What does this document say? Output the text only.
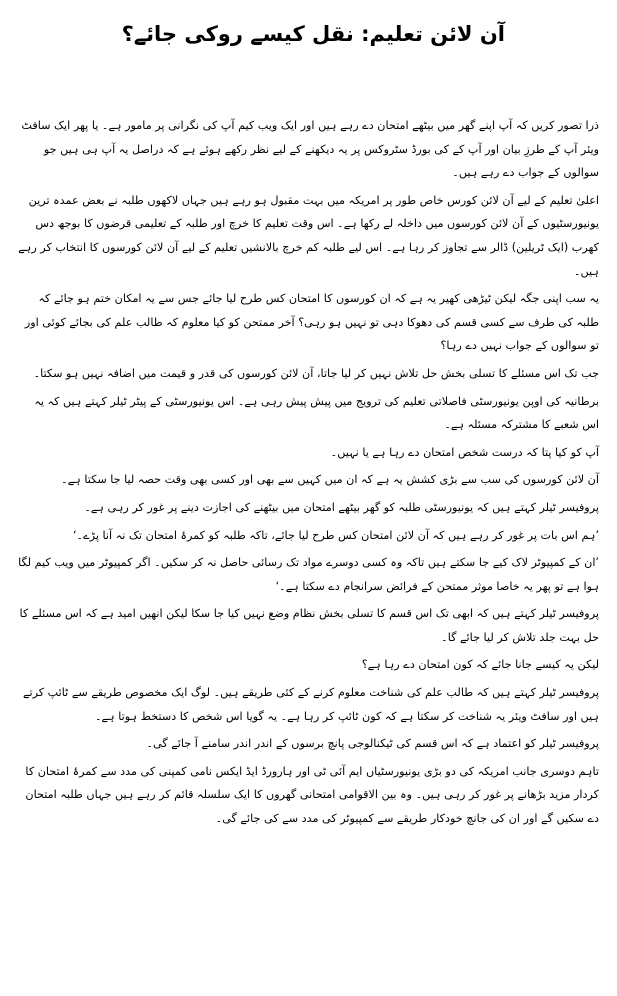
آن لائن تعلیم: نقل کیسے روکی جائے؟

ذرا تصور کریں کہ آپ اپنے گھر میں بیٹھے امتحان دے رہے ہیں اور ایک ویب کیم آپ کی نگرانی پر مامور ہے۔ یا پھر ایک سافٹ ویئر آپ کے طرزِ بیان اور آپ کے کی بورڈ سٹروکس پر یہ دیکھنے کے لیے نظر رکھے ہوئے ہے کہ دراصل یہ آپ ہی ہیں جو سوالوں کے جواب دے رہے ہیں۔

اعلیٰ تعلیم کے لیے آن لائن کورس خاص طور پر امریکہ میں بہت مقبول ہو رہے ہیں جہاں لاکھوں طلبہ نے بعض عمدہ ترین یونیورسٹیوں کے آن لائن کورسوں میں داخلہ لے رکھا ہے۔ اس وقت تعلیم کا خرچ اور طلبہ کے تعلیمی قرضوں کا بوجھ دس کھرب (ایک ٹریلین) ڈالر سے تجاوز کر رہا ہے۔ اس لیے طلبہ کم خرچ بالانشیں تعلیم کے لیے آن لائن کورسوں کا انتخاب کر رہے ہیں۔

یہ سب اپنی جگہ لیکن ٹیڑھی کھیر یہ ہے کہ ان کورسوں کا امتحان کس طرح لیا جائے جس سے یہ امکان ختم ہو جائے کہ طلبہ کی طرف سے کسی قسم کی دھوکا دہی تو نہیں ہو رہی؟ آخر ممتحن کو کیا معلوم کہ طالب علم کی بجائے کوئی اور تو سوالوں کے جواب نہیں دے رہا؟

جب تک اس مسئلے کا تسلی بخش حل تلاش نہیں کر لیا جاتا، آن لائن کورسوں کی قدر و قیمت میں اضافہ نہیں ہو سکتا۔

برطانیہ کی اوپن یونیورسٹی فاصلاتی تعلیم کی ترویج میں پیش پیش رہی ہے۔ اس یونیورسٹی کے پیٹر ٹیلر کہتے ہیں کہ یہ اس شعبے کا مشترکہ مسئلہ ہے۔

آپ کو کیا پتا کہ درست شخص امتحان دے رہا ہے یا نہیں۔

آن لائن کورسوں کی سب سے بڑی کشش یہ ہے کہ ان میں کہیں سے بھی اور کسی بھی وقت حصہ لیا جا سکتا ہے۔

پروفیسر ٹیلر کہتے ہیں کہ یونیورسٹی طلبہ کو گھر بیٹھے امتحان میں بیٹھنے کی اجازت دینے پر غور کر رہی ہے۔

’ہم اس بات پر غور کر رہے ہیں کہ آن لائن امتحان کس طرح لیا جائے، تاکہ طلبہ کو کمرۂ امتحان تک نہ آنا پڑے۔‘

’ان کے کمپیوٹر لاک کیے جا سکتے ہیں تاکہ وہ کسی دوسرے مواد تک رسائی حاصل نہ کر سکیں۔ اگر کمپیوٹر میں ویب کیم لگا ہوا ہے تو پھر یہ خاصا موثر ممتحن کے فرائض سرانجام دے سکتا ہے۔‘

پروفیسر ٹیلر کہتے ہیں کہ ابھی تک اس قسم کا تسلی بخش نظام وضع نہیں کیا جا سکا لیکن انھیں امید ہے کہ اس مسئلے کا حل بہت جلد تلاش کر لیا جائے گا۔

لیکن یہ کیسے جانا جائے کہ کون امتحان دے رہا ہے؟

پروفیسر ٹیلر کہتے ہیں کہ طالب علم کی شناخت معلوم کرنے کے کئی طریقے ہیں۔ لوگ ایک مخصوص طریقے سے ٹائپ کرتے ہیں اور سافٹ ویئر یہ شناخت کر سکتا ہے کہ کون ٹائپ کر رہا ہے۔ یہ گویا اس شخص کا دستخط ہوتا ہے۔

پروفیسر ٹیلر کو اعتماد ہے کہ اس قسم کی ٹیکنالوجی پانچ برسوں کے اندر اندر سامنے آ جائے گی۔

تاہم دوسری جانب امریکہ کی دو بڑی یونیورسٹیاں ایم آئی ٹی اور ہارورڈ ایڈ ایکس نامی کمپنی کی مدد سے کمرۂ امتحان کا کردار مزید بڑھانے پر غور کر رہی ہیں۔ وہ بین الاقوامی امتحانی گھروں کا ایک سلسلہ قائم کر رہے ہیں جہاں طلبہ امتحان دے سکیں گے اور ان کی جانچ خودکار طریقے سے کمپیوٹر کی مدد سے کی جائے گی۔
